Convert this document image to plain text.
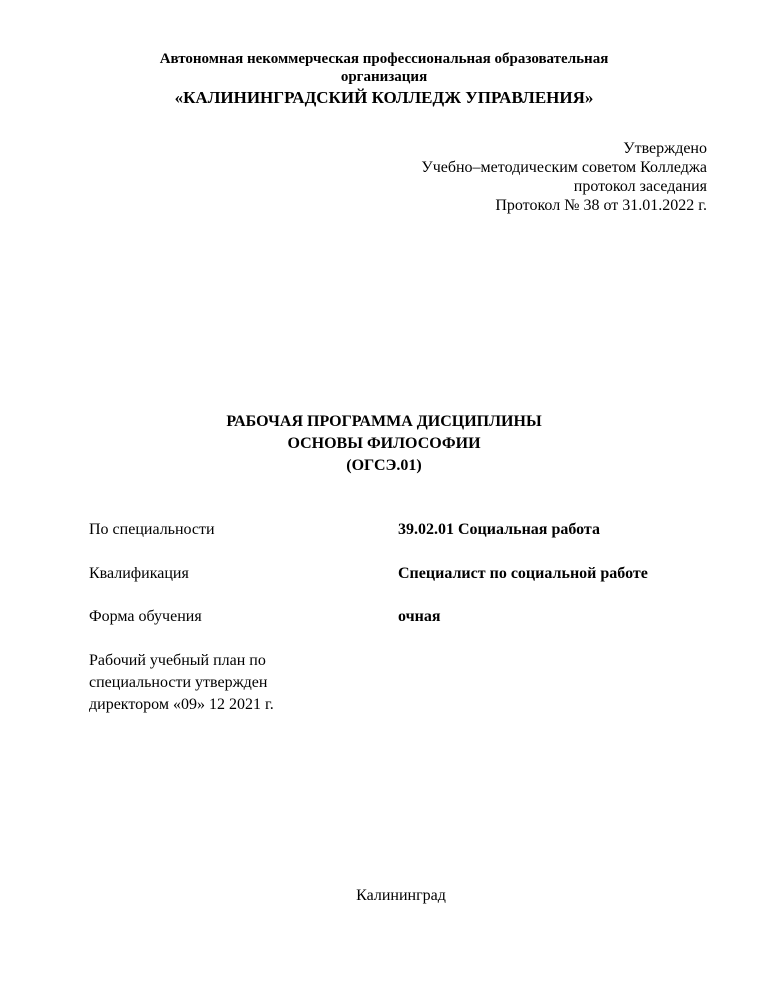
Автономная некоммерческая профессиональная образовательная
организация
«КАЛИНИНГРАДСКИЙ КОЛЛЕДЖ УПРАВЛЕНИЯ»
Утверждено
Учебно–методическим советом Колледжа
протокол заседания
Протокол № 38 от 31.01.2022 г.
РАБОЧАЯ ПРОГРАММА ДИСЦИПЛИНЫ
ОСНОВЫ ФИЛОСОФИИ
(ОГСЭ.01)
По специальности	39.02.01 Социальная работа
Квалификация	Специалист по социальной работе
Форма обучения	очная
Рабочий учебный план по
специальности утвержден
директором «09» 12 2021 г.
Калининград
